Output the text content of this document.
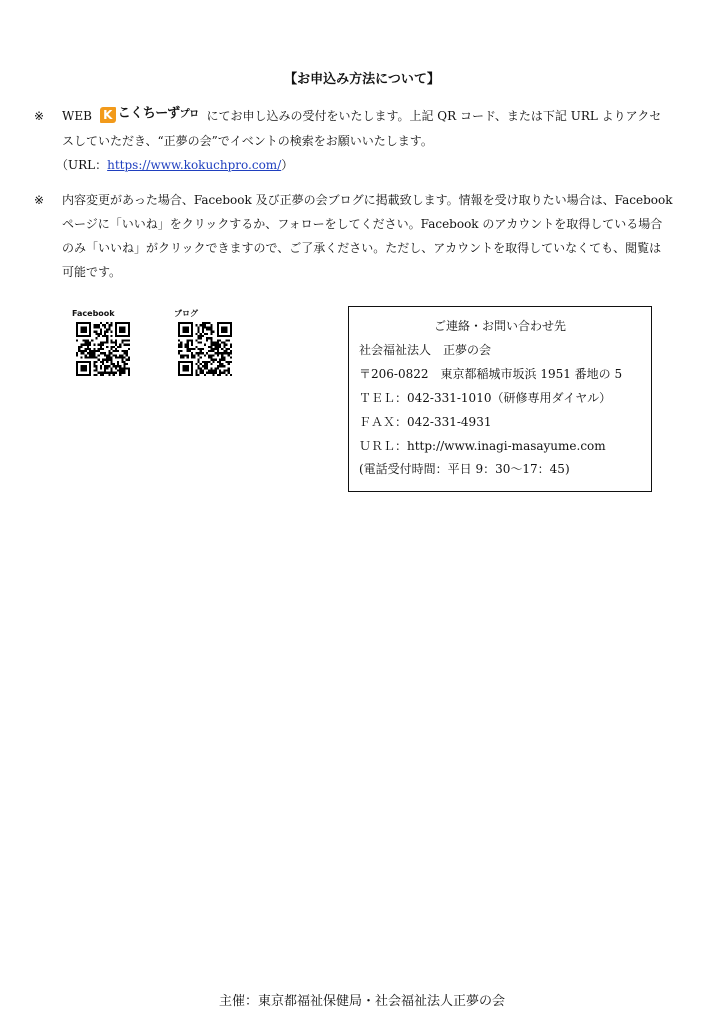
【お申込み方法について】
※	WEB K こくちーずプロ にてお申し込みの受付をいたします。上記 QR コード、または下記 URL よりアクセ
スしていただき、“正夢の会”でイベントの検索をお願いいたします。
（URL：https://www.kokuchpro.com/）
※	内容変更があった場合、Facebook 及び正夢の会ブログに掲載致します。情報を受け取りたい場合は、Facebook
ページに「いいね」をクリックするか、フォローをしてください。Facebook のアカウントを取得している場合
のみ「いいね」がクリックできますので、ご了承ください。ただし、アカウントを取得していなくても、閲覧は
可能です。
Facebook	ブログ
ご連絡・お問い合わせ先
社会福祉法人　正夢の会
〒206-0822　東京都稲城市坂浜 1951 番地の 5
ＴＥＬ：042-331-1010（研修専用ダイヤル）
ＦＡＸ：042-331-4931
ＵＲＬ：http://www.inagi-masayume.com
(電話受付時間：平日 9：30～17：45)
主催：東京都福祉保健局・社会福祉法人正夢の会
